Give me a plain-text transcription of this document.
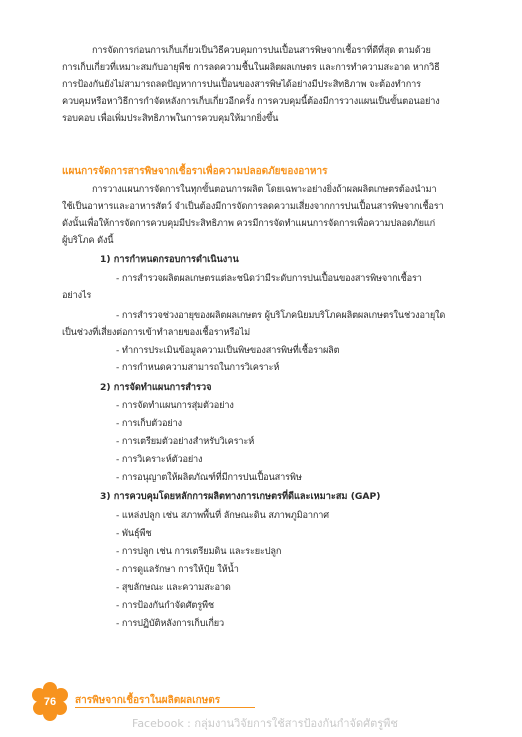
การจัดการก่อนการเก็บเกี่ยวเป็นวิธีควบคุมการปนเปื้อนสารพิษจากเชื้อราที่ดีที่สุด ตามด้วย
การเก็บเกี่ยวที่เหมาะสมกับอายุพืช การลดความชื้นในผลิตผลเกษตร และการทำความสะอาด หากวิธี
การป้องกันยังไม่สามารถลดปัญหาการปนเปื้อนของสารพิษได้อย่างมีประสิทธิภาพ จะต้องทำการ
ควบคุมหรือหาวิธีการกำจัดหลังการเก็บเกี่ยวอีกครั้ง การควบคุมนี้ต้องมีการวางแผนเป็นขั้นตอนอย่าง
รอบคอบ เพื่อเพิ่มประสิทธิภาพในการควบคุมให้มากยิ่งขึ้น
แผนการจัดการสารพิษจากเชื้อราเพื่อความปลอดภัยของอาหาร
การวางแผนการจัดการในทุกขั้นตอนการผลิต โดยเฉพาะอย่างยิ่งถ้าผลผลิตเกษตรต้องนำมา
ใช้เป็นอาหารและอาหารสัตว์ จำเป็นต้องมีการจัดการลดความเสี่ยงจากการปนเปื้อนสารพิษจากเชื้อรา
ดังนั้นเพื่อให้การจัดการควบคุมมีประสิทธิภาพ ควรมีการจัดทำแผนการจัดการเพื่อความปลอดภัยแก่
ผู้บริโภค ดังนี้
1) การกำหนดกรอบการดำเนินงาน
- การสำรวจผลิตผลเกษตรแต่ละชนิดว่ามีระดับการปนเปื้อนของสารพิษจากเชื้อรา
อย่างไร
- การสำรวจช่วงอายุของผลิตผลเกษตร ผู้บริโภคนิยมบริโภคผลิตผลเกษตรในช่วงอายุใด
เป็นช่วงที่เสี่ยงต่อการเข้าทำลายของเชื้อราหรือไม่
- ทำการประเมินข้อมูลความเป็นพิษของสารพิษที่เชื้อราผลิต
- การกำหนดความสามารถในการวิเคราะห์
2) การจัดทำแผนการสำรวจ
- การจัดทำแผนการสุ่มตัวอย่าง
- การเก็บตัวอย่าง
- การเตรียมตัวอย่างสำหรับวิเคราะห์
- การวิเคราะห์ตัวอย่าง
- การอนุญาตให้ผลิตภัณฑ์ที่มีการปนเปื้อนสารพิษ
3) การควบคุมโดยหลักการผลิตทางการเกษตรที่ดีและเหมาะสม (GAP)
- แหล่งปลูก เช่น สภาพพื้นที่ ลักษณะดิน สภาพภูมิอากาศ
- พันธุ์พืช
- การปลูก เช่น การเตรียมดิน และระยะปลูก
- การดูแลรักษา การให้ปุ๋ย ให้น้ำ
- สุขลักษณะ และความสะอาด
- การป้องกันกำจัดศัตรูพืช
- การปฏิบัติหลังการเก็บเกี่ยว
76 สารพิษจากเชื้อราในผลิตผลเกษตร
Facebook : กลุ่มงานวิจัยการใช้สารป้องกันกำจัดศัตรูพืช
